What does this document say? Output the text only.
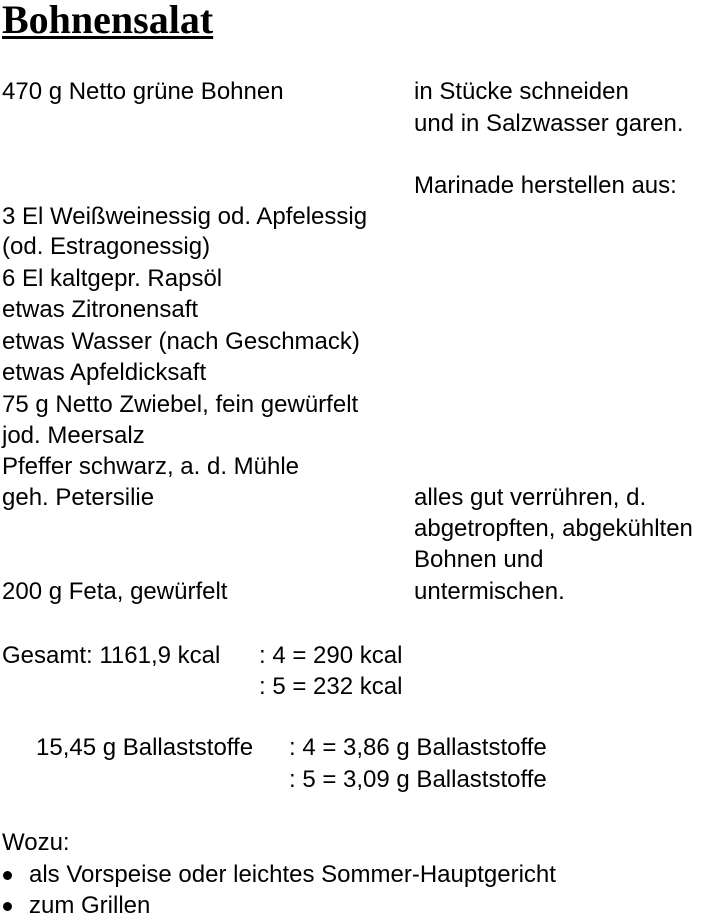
Bohnensalat
470 g Netto grüne Bohnen
3 El Weißweinessig od. Apfelessig
(od. Estragonessig)
6 El kaltgepr. Rapsöl
etwas Zitronensaft
etwas Wasser (nach Geschmack)
etwas Apfeldicksaft
75 g Netto Zwiebel, fein gewürfelt
jod. Meersalz
Pfeffer schwarz, a. d. Mühle
geh. Petersilie
200 g Feta, gewürfelt
in Stücke schneiden
und in Salzwasser garen.
Marinade herstellen aus:
alles gut verrühren, d.
abgetropften, abgekühlten
Bohnen und
untermischen.
Gesamt: 1161,9 kcal : 4 = 290 kcal
: 5 = 232 kcal
15,45 g Ballaststoffe : 4 = 3,86 g Ballaststoffe
: 5 = 3,09 g Ballaststoffe
Wozu:
als Vorspeise oder leichtes Sommer-Hauptgericht
zum Grillen
